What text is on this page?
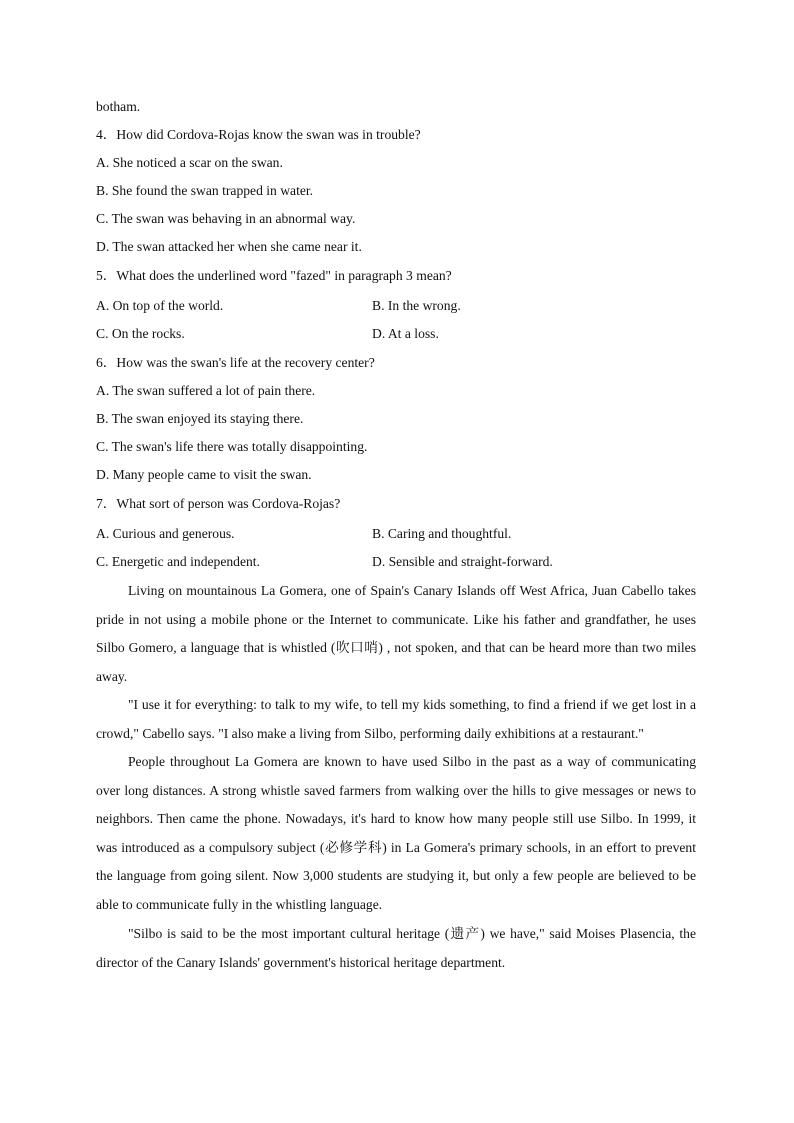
botham.
4．How did Cordova-Rojas know the swan was in trouble?
A. She noticed a scar on the swan.
B. She found the swan trapped in water.
C. The swan was behaving in an abnormal way.
D. The swan attacked her when she came near it.
5．What does the underlined word "fazed" in paragraph 3 mean?
A. On top of the world.	B. In the wrong.
C. On the rocks.	D. At a loss.
6．How was the swan's life at the recovery center?
A. The swan suffered a lot of pain there.
B. The swan enjoyed its staying there.
C. The swan's life there was totally disappointing.
D. Many people came to visit the swan.
7．What sort of person was Cordova-Rojas?
A. Curious and generous.	B. Caring and thoughtful.
C. Energetic and independent.	D. Sensible and straight-forward.

Living on mountainous La Gomera, one of Spain's Canary Islands off West Africa, Juan Cabello takes pride in not using a mobile phone or the Internet to communicate. Like his father and grandfather, he uses Silbo Gomero, a language that is whistled (吹口哨) , not spoken, and that can be heard more than two miles away.

"I use it for everything: to talk to my wife, to tell my kids something, to find a friend if we get lost in a crowd," Cabello says. "I also make a living from Silbo, performing daily exhibitions at a restaurant."

People throughout La Gomera are known to have used Silbo in the past as a way of communicating over long distances. A strong whistle saved farmers from walking over the hills to give messages or news to neighbors. Then came the phone. Nowadays, it's hard to know how many people still use Silbo. In 1999, it was introduced as a compulsory subject (必修学科) in La Gomera's primary schools, in an effort to prevent the language from going silent. Now 3,000 students are studying it, but only a few people are believed to be able to communicate fully in the whistling language.

"Silbo is said to be the most important cultural heritage (遗产) we have," said Moises Plasencia, the director of the Canary Islands' government's historical heritage department.
